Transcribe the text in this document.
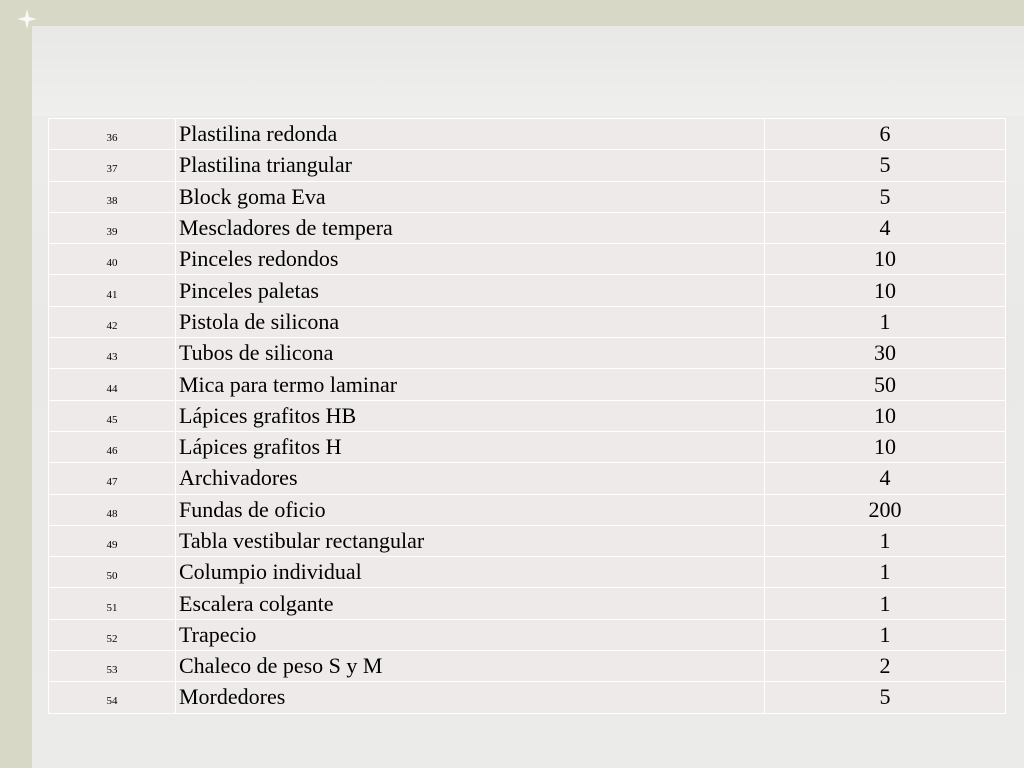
36	Plastilina redonda	6
37	Plastilina triangular	5
38	Block goma Eva	5
39	Mescladores de tempera	4
40	Pinceles redondos	10
41	Pinceles paletas	10
42	Pistola de silicona	1
43	Tubos de silicona	30
44	Mica para termo laminar	50
45	Lápices grafitos HB	10
46	Lápices grafitos H	10
47	Archivadores	4
48	Fundas de oficio	200
49	Tabla vestibular rectangular	1
50	Columpio individual	1
51	Escalera colgante	1
52	Trapecio	1
53	Chaleco de peso S y M	2
54	Mordedores	5
